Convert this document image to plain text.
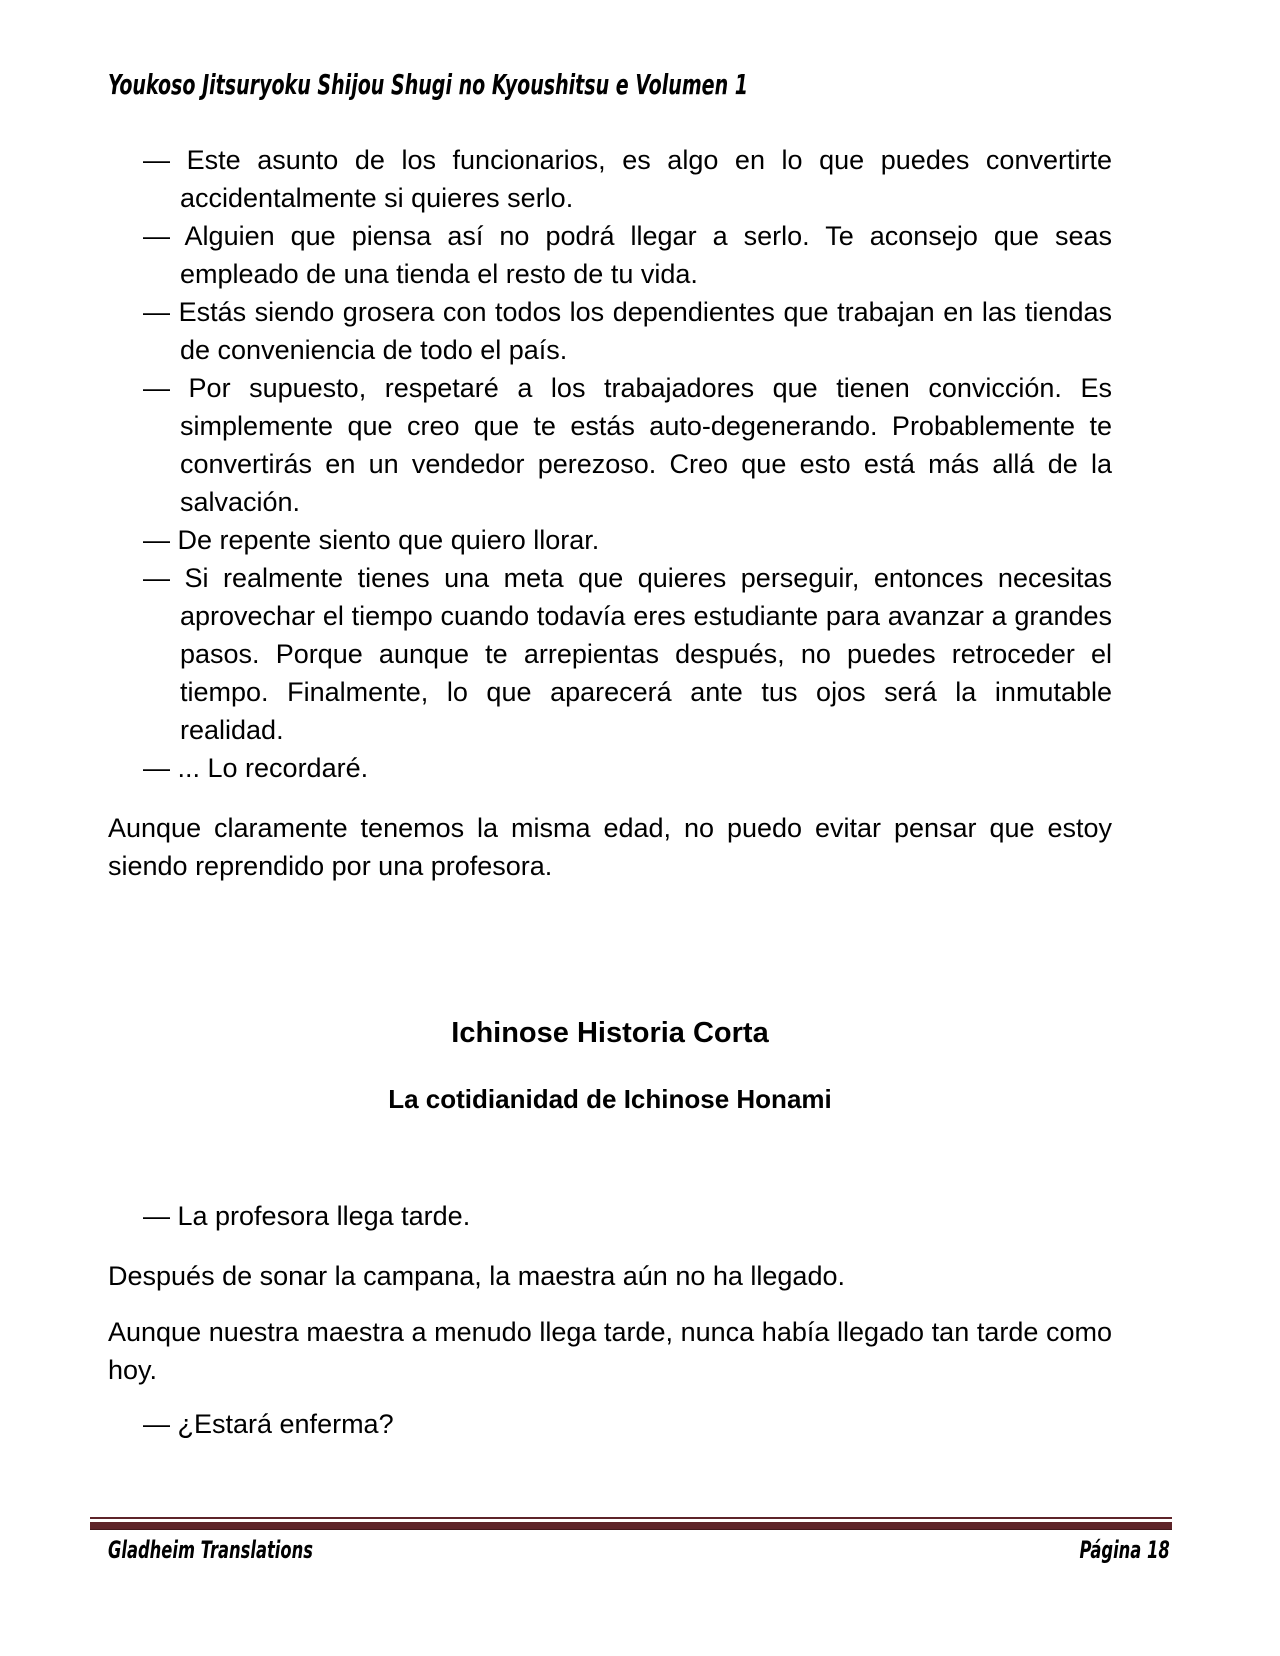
Youkoso Jitsuryoku Shijou Shugi no Kyoushitsu e Volumen 1
— Este asunto de los funcionarios, es algo en lo que puedes convertirte accidentalmente si quieres serlo.
— Alguien que piensa así no podrá llegar a serlo. Te aconsejo que seas empleado de una tienda el resto de tu vida.
— Estás siendo grosera con todos los dependientes que trabajan en las tiendas de conveniencia de todo el país.
— Por supuesto, respetaré a los trabajadores que tienen convicción. Es simplemente que creo que te estás auto-degenerando. Probablemente te convertirás en un vendedor perezoso. Creo que esto está más allá de la salvación.
— De repente siento que quiero llorar.
— Si realmente tienes una meta que quieres perseguir, entonces necesitas aprovechar el tiempo cuando todavía eres estudiante para avanzar a grandes pasos. Porque aunque te arrepientas después, no puedes retroceder el tiempo. Finalmente, lo que aparecerá ante tus ojos será la inmutable realidad.
— ... Lo recordaré.

Aunque claramente tenemos la misma edad, no puedo evitar pensar que estoy siendo reprendido por una profesora.

Ichinose Historia Corta
La cotidianidad de Ichinose Honami
— La profesora llega tarde.

Después de sonar la campana, la maestra aún no ha llegado.

Aunque nuestra maestra a menudo llega tarde, nunca había llegado tan tarde como hoy.

— ¿Estará enferma?
Gladheim Translations	Página 18
